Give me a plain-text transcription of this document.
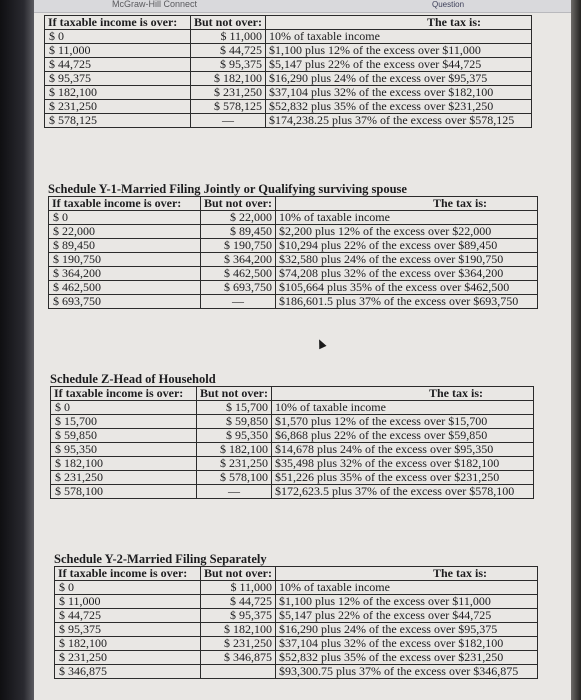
McGraw-Hill Connect	Question
If taxable income is over:	But not over:	The tax is:
$ 0	$ 11,000	10% of taxable income
$ 11,000	$ 44,725	$1,100 plus 12% of the excess over $11,000
$ 44,725	$ 95,375	$5,147 plus 22% of the excess over $44,725
$ 95,375	$ 182,100	$16,290 plus 24% of the excess over $95,375
$ 182,100	$ 231,250	$37,104 plus 32% of the excess over $182,100
$ 231,250	$ 578,125	$52,832 plus 35% of the excess over $231,250
$ 578,125	—	$174,238.25 plus 37% of the excess over $578,125
Schedule Y-1-Married Filing Jointly or Qualifying surviving spouse
If taxable income is over:	But not over:	The tax is:
$ 0	$ 22,000	10% of taxable income
$ 22,000	$ 89,450	$2,200 plus 12% of the excess over $22,000
$ 89,450	$ 190,750	$10,294 plus 22% of the excess over $89,450
$ 190,750	$ 364,200	$32,580 plus 24% of the excess over $190,750
$ 364,200	$ 462,500	$74,208 plus 32% of the excess over $364,200
$ 462,500	$ 693,750	$105,664 plus 35% of the excess over $462,500
$ 693,750	—	$186,601.5 plus 37% of the excess over $693,750
Schedule Z-Head of Household
If taxable income is over:	But not over:	The tax is:
$ 0	$ 15,700	10% of taxable income
$ 15,700	$ 59,850	$1,570 plus 12% of the excess over $15,700
$ 59,850	$ 95,350	$6,868 plus 22% of the excess over $59,850
$ 95,350	$ 182,100	$14,678 plus 24% of the excess over $95,350
$ 182,100	$ 231,250	$35,498 plus 32% of the excess over $182,100
$ 231,250	$ 578,100	$51,226 plus 35% of the excess over $231,250
$ 578,100	—	$172,623.5 plus 37% of the excess over $578,100
Schedule Y-2-Married Filing Separately
If taxable income is over:	But not over:	The tax is:
$ 0	$ 11,000	10% of taxable income
$ 11,000	$ 44,725	$1,100 plus 12% of the excess over $11,000
$ 44,725	$ 95,375	$5,147 plus 22% of the excess over $44,725
$ 95,375	$ 182,100	$16,290 plus 24% of the excess over $95,375
$ 182,100	$ 231,250	$37,104 plus 32% of the excess over $182,100
$ 231,250	$ 346,875	$52,832 plus 35% of the excess over $231,250
$ 346,875		$93,300.75 plus 37% of the excess over $346,875
